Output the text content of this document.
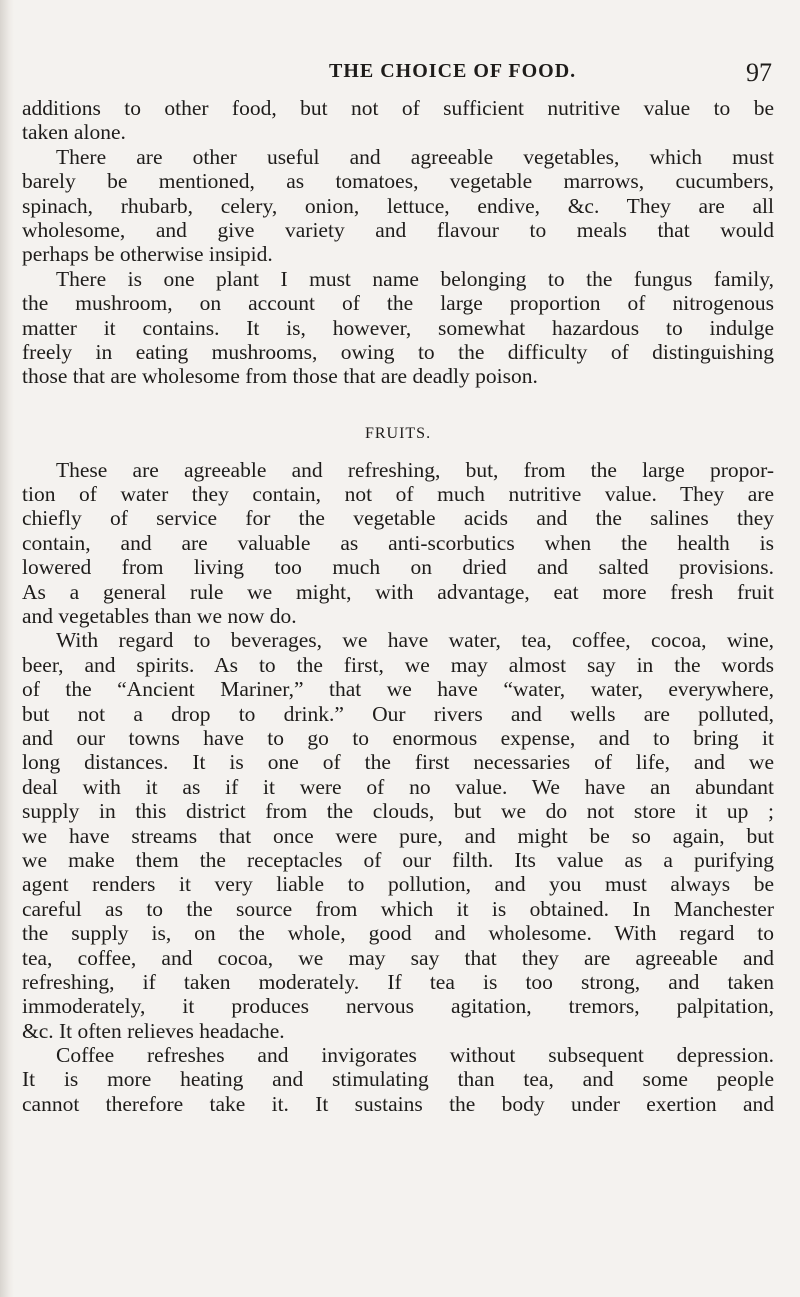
THE CHOICE OF FOOD.	97
additions to other food, but not of sufficient nutritive value to be
taken alone.
There are other useful and agreeable vegetables, which must
barely be mentioned, as tomatoes, vegetable marrows, cucumbers,
spinach, rhubarb, celery, onion, lettuce, endive, &c. They are all
wholesome, and give variety and flavour to meals that would
perhaps be otherwise insipid.
There is one plant I must name belonging to the fungus family,
the mushroom, on account of the large proportion of nitrogenous
matter it contains. It is, however, somewhat hazardous to indulge
freely in eating mushrooms, owing to the difficulty of distinguishing
those that are wholesome from those that are deadly poison.
FRUITS.
These are agreeable and refreshing, but, from the large propor-
tion of water they contain, not of much nutritive value. They are
chiefly of service for the vegetable acids and the salines they
contain, and are valuable as anti-scorbutics when the health is
lowered from living too much on dried and salted provisions.
As a general rule we might, with advantage, eat more fresh fruit
and vegetables than we now do.
With regard to beverages, we have water, tea, coffee, cocoa, wine,
beer, and spirits. As to the first, we may almost say in the words
of the “Ancient Mariner,” that we have “water, water, everywhere,
but not a drop to drink.” Our rivers and wells are polluted,
and our towns have to go to enormous expense, and to bring it
long distances. It is one of the first necessaries of life, and we
deal with it as if it were of no value. We have an abundant
supply in this district from the clouds, but we do not store it up ;
we have streams that once were pure, and might be so again, but
we make them the receptacles of our filth. Its value as a purifying
agent renders it very liable to pollution, and you must always be
careful as to the source from which it is obtained. In Manchester
the supply is, on the whole, good and wholesome. With regard to
tea, coffee, and cocoa, we may say that they are agreeable and
refreshing, if taken moderately. If tea is too strong, and taken
immoderately, it produces nervous agitation, tremors, palpitation,
&c. It often relieves headache.
Coffee refreshes and invigorates without subsequent depression.
It is more heating and stimulating than tea, and some people
cannot therefore take it. It sustains the body under exertion and
